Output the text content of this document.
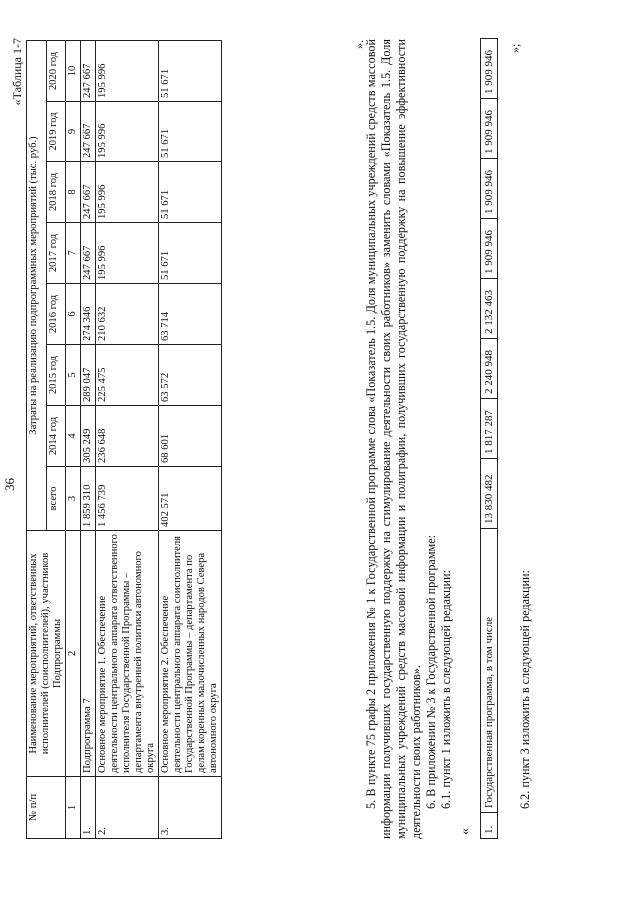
36
«Таблица 1-7
№ п/п	Наименование мероприятий, ответственных исполнителей (соисполнителей), участников Подпрограммы	Затраты на реализацию подпрограммных мероприятий (тыс. руб.)							
		всего	2014 год	2015 год	2016 год	2017 год	2018 год	2019 год	2020 год
1	2	3	4	5	6	7	8	9	10
1.	Подпрограмма 7	1 859 310	305 249	289 047	274 346	247 667	247 667	247 667	247 667
2.	Основное мероприятие 1. Обеспечение деятельности центрального аппарата ответственного исполнителя Государственной Программы – департамента внутренней политики автономного округа	1 456 739	236 648	225 475	210 632	195 996	195 996	195 996	195 996
3.	Основное мероприятие 2. Обеспечение деятельности центрального аппарата соисполнителя Государственной Программы – департамента по делам коренных малочисленных народов Севера автономного округа	402 571	68 601	63 572	63 714	51 671	51 671	51 671	51 671
».

5. В пункте 75 графы 2 приложения № 1 к Государственной программе слова «Показатель 1.5. Доля муниципальных учреждений средств массовой информации получивших государственную поддержку на стимулирование деятельности своих работников» заменить словами «Показатель 1.5. Доля муниципальных учреждений средств массовой информации и полиграфии, получивших государственную поддержку на повышение эффективности деятельности своих работников». 6. В приложении № 3 к Государственной программе: 6.1. пункт 1 изложить в следующей редакции:

« 1.	Государственная программа, в том числе	13 830 482	1 817 287	2 240 948	2 132 463	1 909 946	1 909 946	1 909 946	1 909 946
»;
6.2. пункт 3 изложить в следующей редакции:
